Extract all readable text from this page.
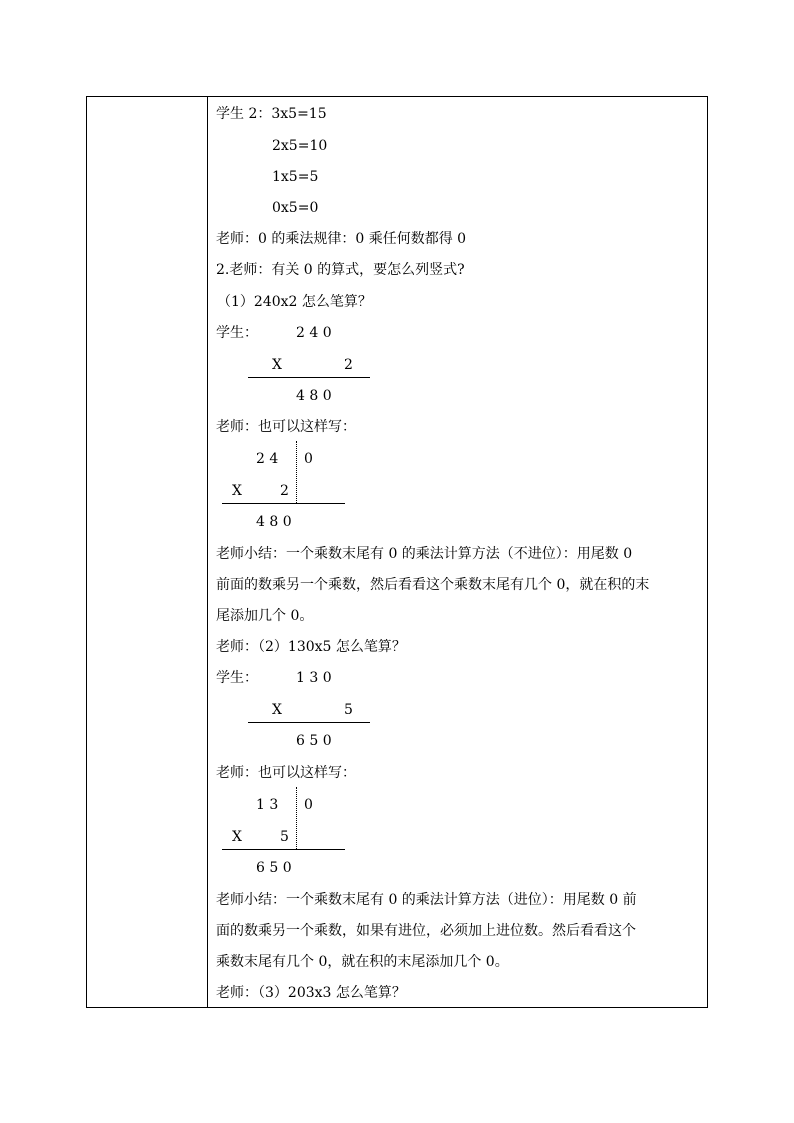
学生 2：3x5=15
2x5=10
1x5=5
0x5=0
老师：0 的乘法规律：0 乘任何数都得 0
2.老师：有关 0 的算式，要怎么列竖式?
（1）240x2 怎么笔算？
学生：	2 4 0
X	2
4 8 0
老师：也可以这样写：
2 4 0
X	2
4 8 0
老师小结：一个乘数末尾有 0 的乘法计算方法（不进位）：用尾数 0
前面的数乘另一个乘数，然后看看这个乘数末尾有几个 0，就在积的末
尾添加几个 0。
老师：（2）130x5 怎么笔算？
学生：	1 3 0
X	5
6 5 0
老师：也可以这样写：
1 3 0
X	5
6 5 0
老师小结：一个乘数末尾有 0 的乘法计算方法（进位）：用尾数 0 前
面的数乘另一个乘数，如果有进位，必须加上进位数。然后看看这个
乘数末尾有几个 0，就在积的末尾添加几个 0。
老师：（3）203x3 怎么笔算？
